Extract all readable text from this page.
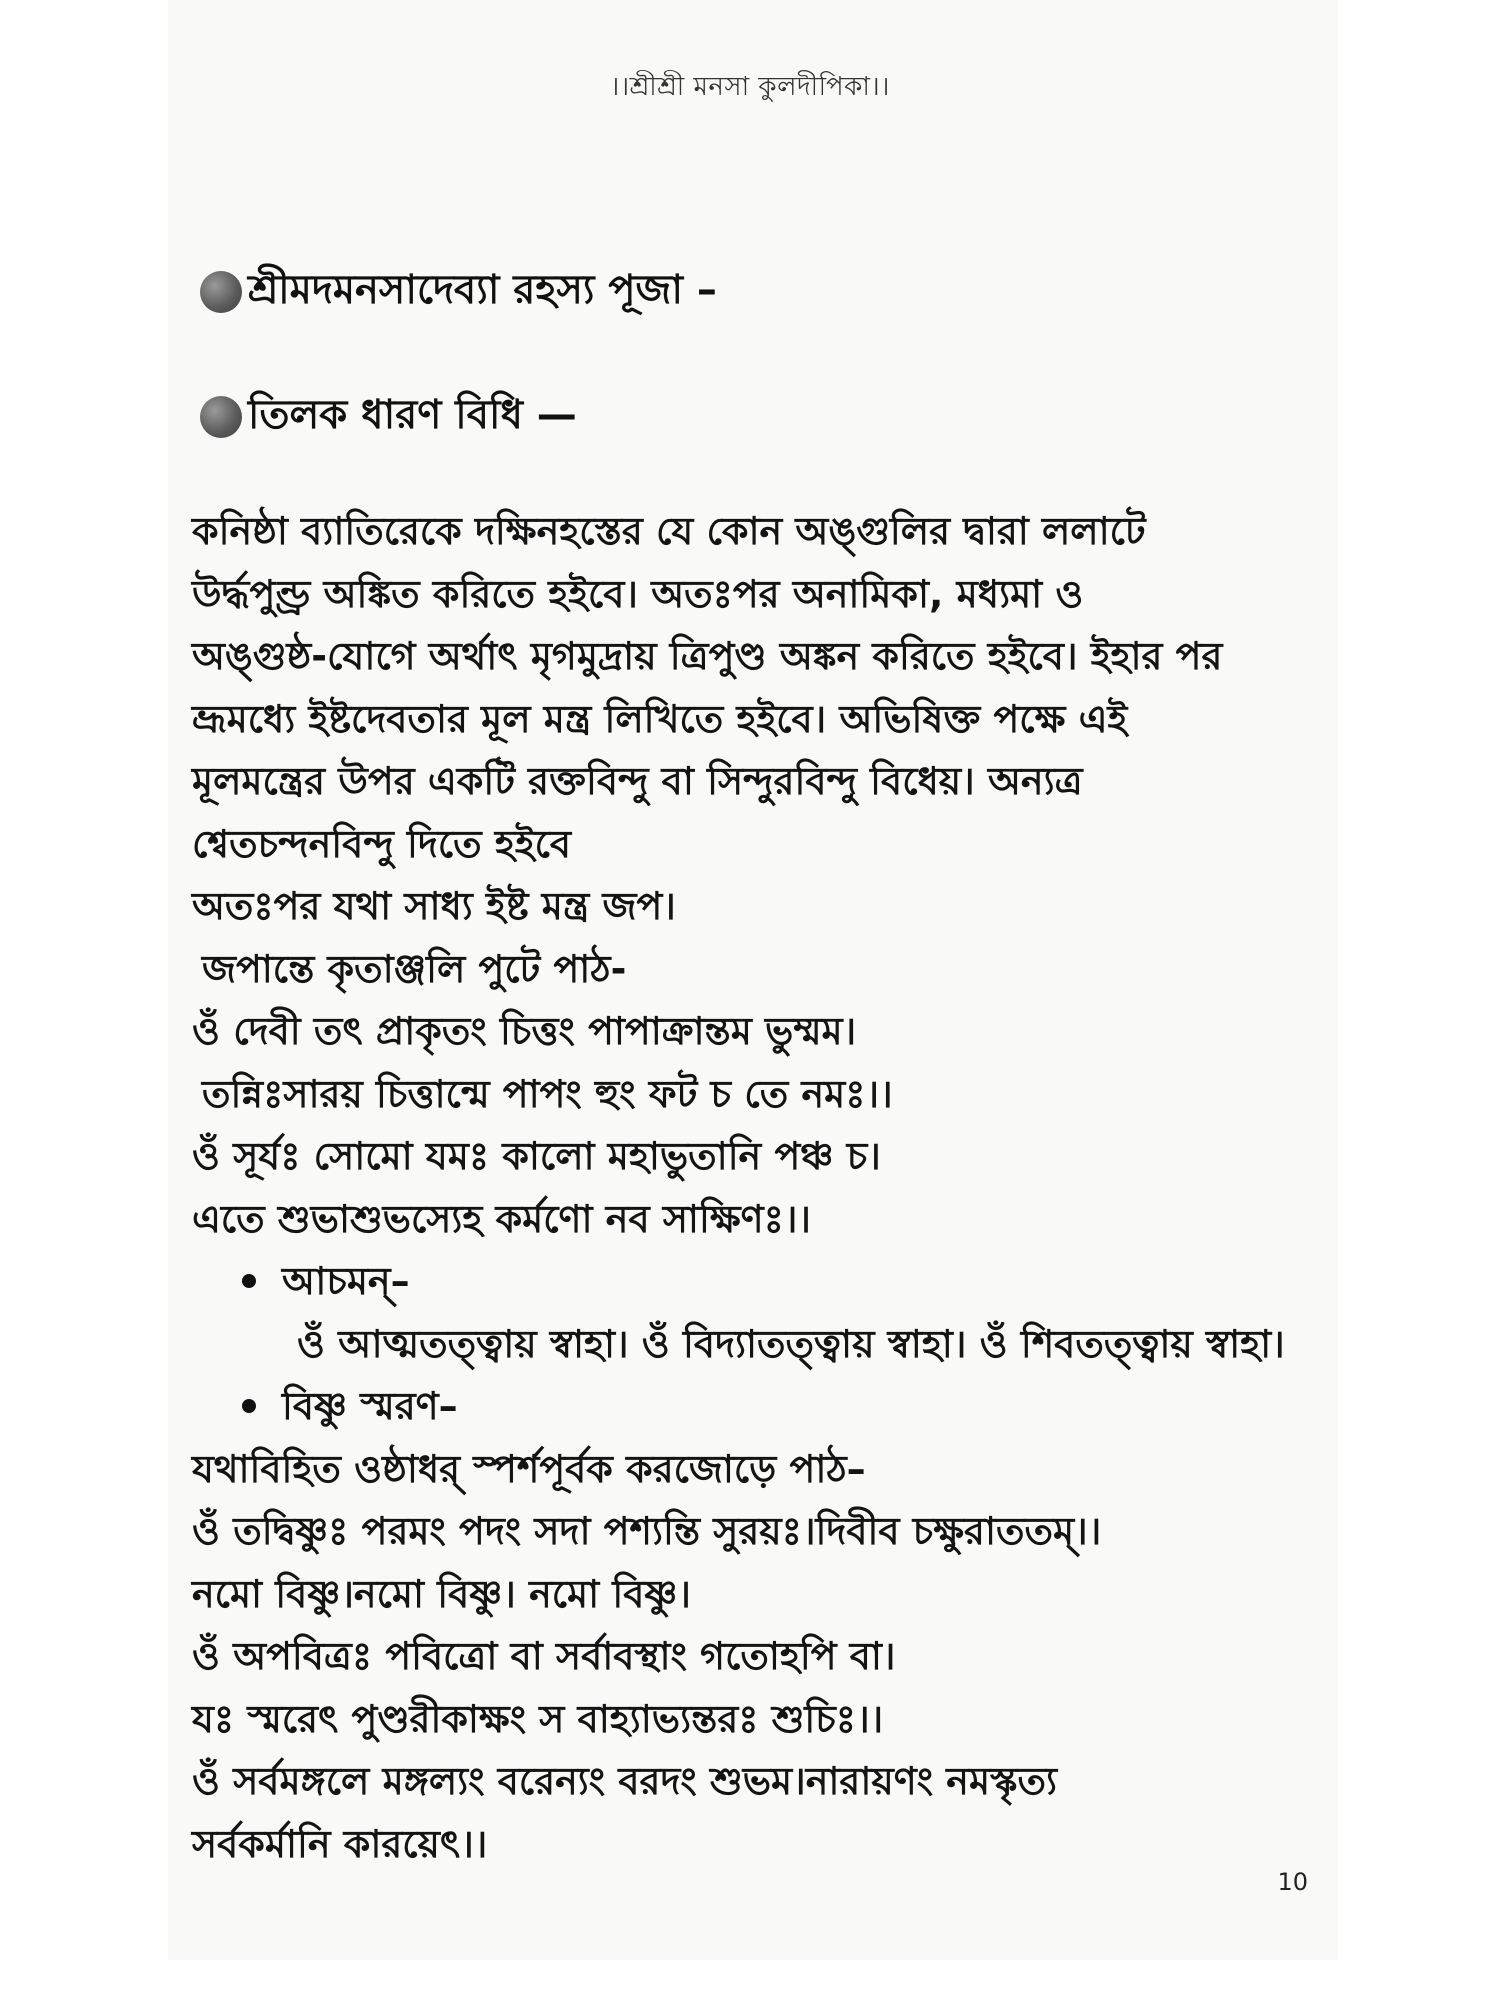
।।শ্রীশ্রী মনসা কুলদীপিকা।।
শ্রীমদমনসাদেব্যা রহস্য পূজা –
তিলক ধারণ বিধি —
কনিষ্ঠা ব্যাতিরেকে দক্ষিনহস্তের যে কোন অঙ্গুলির দ্বারা ললাটে
উর্দ্ধপুণ্ড্র অঙ্কিত করিতে হইবে। অতঃপর অনামিকা, মধ্যমা ও
অঙ্গুষ্ঠ-যোগে অর্থাৎ মৃগমুদ্রায় ত্রিপুণ্ড অঙ্কন করিতে হইবে। ইহার পর
ভ্রূমধ্যে ইষ্টদেবতার মূল মন্ত্র লিখিতে হইবে। অভিষিক্ত পক্ষে এই
মূলমন্ত্রের উপর একটি রক্তবিন্দু বা সিন্দুরবিন্দু বিধেয়। অন্যত্র
শ্বেতচন্দনবিন্দু দিতে হইবে
অতঃপর যথা সাধ্য ইষ্ট মন্ত্র জপ।
জপান্তে কৃতাঞ্জলি পুটে পাঠ-
ওঁ দেবী তৎ প্রাকৃতং চিত্তং পাপাক্রান্তম ভুম্মম।
তন্নিঃসারয় চিত্তান্মে পাপং হুং ফট চ তে নমঃ।।
ওঁ সূর্যঃ সোমো যমঃ কালো মহাভুতানি পঞ্চ চ।
এতে শুভাশুভস্যেহ কর্মণো নব সাক্ষিণঃ।।
আচমন্–
ওঁ আত্মতত্ত্বায় স্বাহা। ওঁ বিদ্যাতত্ত্বায় স্বাহা। ওঁ শিবতত্ত্বায় স্বাহা।
বিষ্ণু স্মরণ–
যথাবিহিত ওষ্ঠাধর্ স্পর্শপূর্বক করজোড়ে পাঠ–
ওঁ তদ্বিষ্ণুঃ পরমং পদং সদা পশ্যন্তি সুরয়ঃ।দিবীব চক্ষুরাততম্।।
নমো বিষ্ণু।নমো বিষ্ণু। নমো বিষ্ণু।
ওঁ অপবিত্রঃ পবিত্রো বা সর্বাবস্থাং গতোহপি বা।
যঃ স্মরেৎ পুণ্ডরীকাক্ষং স বাহ্যাভ্যন্তরঃ শুচিঃ।।
ওঁ সর্বমঙ্গলে মঙ্গল্যং বরেন্যং বরদং শুভম।নারায়ণং নমস্কৃত্য
সর্বকর্মানি কারয়েৎ।।
10
